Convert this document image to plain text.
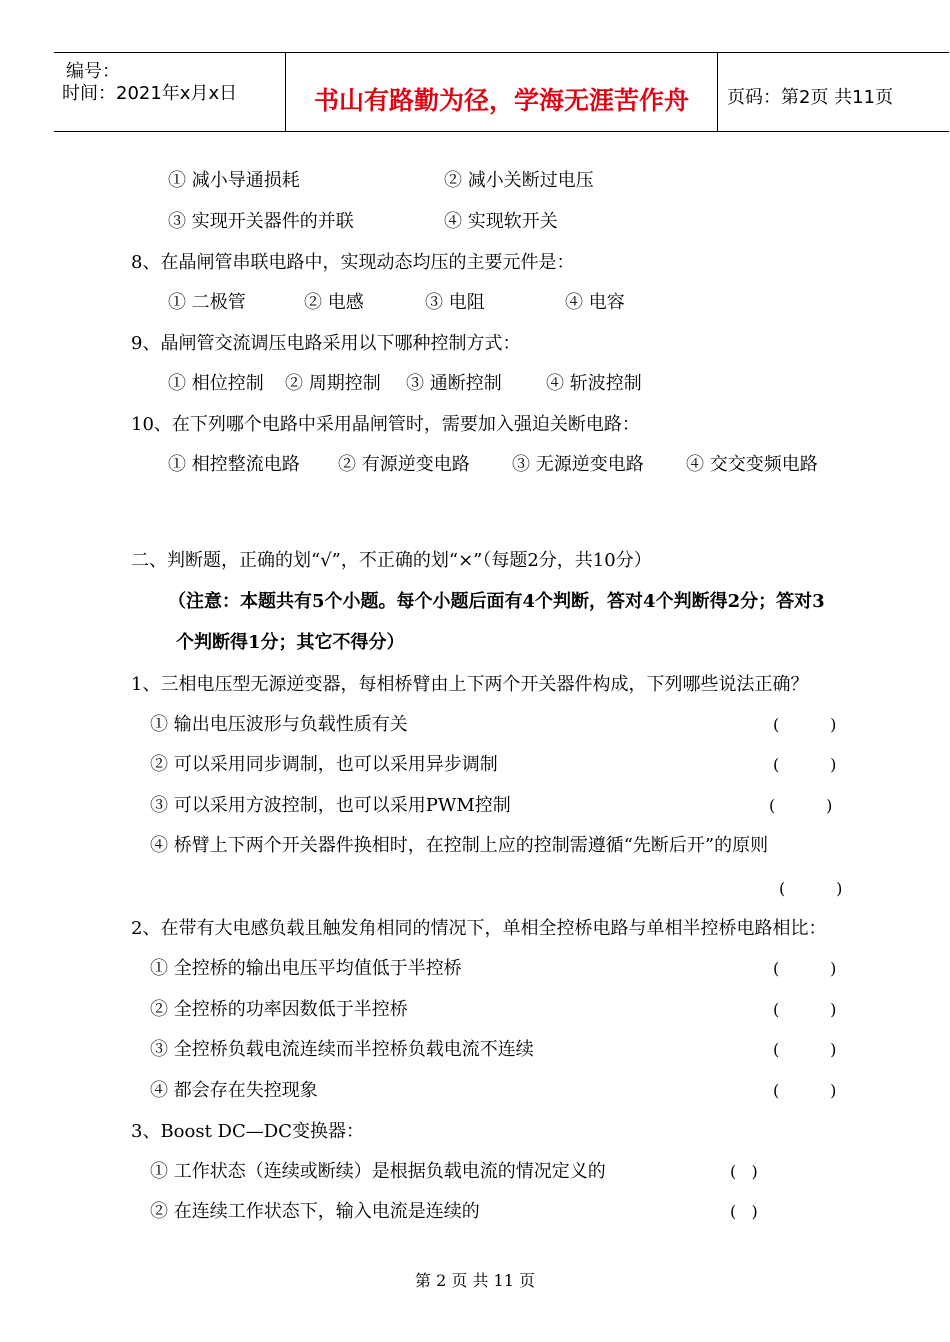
编号：
时间：2021年x月x日	书山有路勤为径，学海无涯苦作舟	页码：第2页 共11页
① 减小导通损耗	② 减小关断过电压
③ 实现开关器件的并联	④ 实现软开关
8、在晶闸管串联电路中，实现动态均压的主要元件是：
① 二极管	② 电感	③ 电阻	④ 电容
9、晶闸管交流调压电路采用以下哪种控制方式：
① 相位控制 ② 周期控制 ③ 通断控制 ④ 斩波控制
10、在下列哪个电路中采用晶闸管时，需要加入强迫关断电路：
① 相控整流电路 ② 有源逆变电路 ③ 无源逆变电路 ④ 交交变频电路
二、判断题，正确的划“√”，不正确的划“×”（每题2分，共10分）
（注意：本题共有5个小题。每个小题后面有4个判断，答对4个判断得2分；答对3
个判断得1分；其它不得分）
1、三相电压型无源逆变器，每相桥臂由上下两个开关器件构成，下列哪些说法正确？
① 输出电压波形与负载性质有关	(          )
② 可以采用同步调制，也可以采用异步调制	(          )
③ 可以采用方波控制，也可以采用PWM控制	(          )
④ 桥臂上下两个开关器件换相时，在控制上应的控制需遵循“先断后开”的原则
(          )
2、在带有大电感负载且触发角相同的情况下，单相全控桥电路与单相半控桥电路相比：
① 全控桥的输出电压平均值低于半控桥	(          )
② 全控桥的功率因数低于半控桥	(          )
③ 全控桥负载电流连续而半控桥负载电流不连续	(          )
④ 都会存在失控现象	(          )
3、Boost DC—DC变换器：
① 工作状态（连续或断续）是根据负载电流的情况定义的	(   )
② 在连续工作状态下，输入电流是连续的	(   )
第 2 页 共 11 页
